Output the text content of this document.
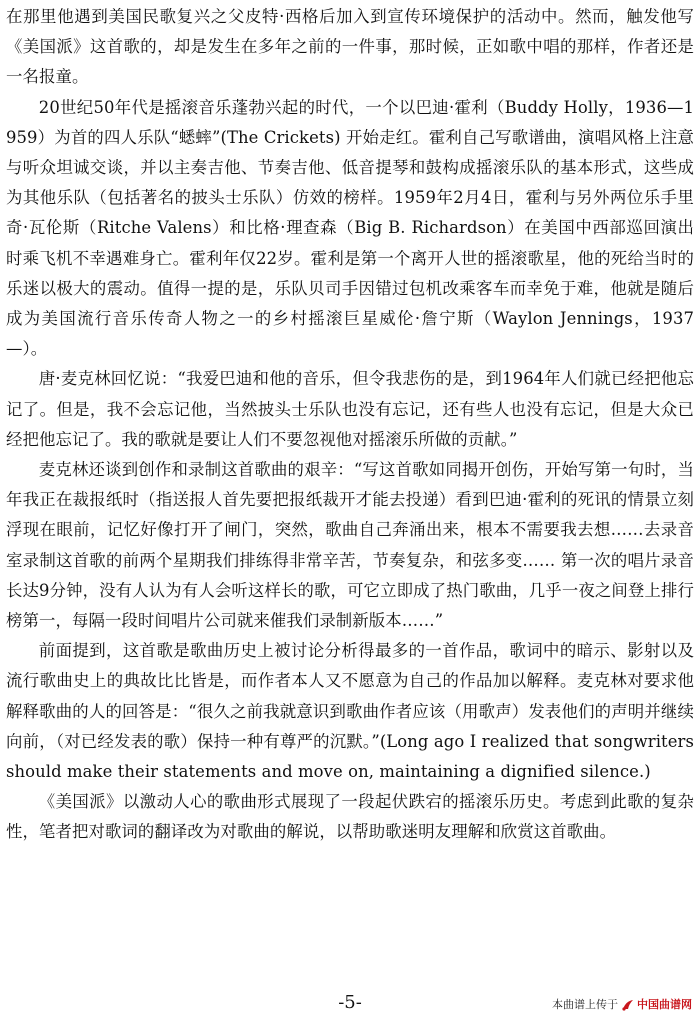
在那里他遇到美国民歌复兴之父皮特·西格后加入到宣传环境保护的活动中。然而，触发他写《美国派》这首歌的，却是发生在多年之前的一件事，那时候，正如歌中唱的那样，作者还是一名报童。

20世纪50年代是摇滚音乐蓬勃兴起的时代，一个以巴迪·霍利（Buddy Holly，1936—1959）为首的四人乐队“蟋蟀”(The Crickets) 开始走红。霍利自己写歌谱曲，演唱风格上注意与听众坦诚交谈，并以主奏吉他、节奏吉他、低音提琴和鼓构成摇滚乐队的基本形式，这些成为其他乐队（包括著名的披头士乐队）仿效的榜样。1959年2月4日，霍利与另外两位乐手里奇·瓦伦斯（Ritche Valens）和比格·理查森（Big B. Richardson）在美国中西部巡回演出时乘飞机不幸遇难身亡。霍利年仅22岁。霍利是第一个离开人世的摇滚歌星，他的死给当时的乐迷以极大的震动。值得一提的是，乐队贝司手因错过包机改乘客车而幸免于难，他就是随后成为美国流行音乐传奇人物之一的乡村摇滚巨星威伦·詹宁斯（Waylon Jennings，1937—）。

唐·麦克林回忆说：“我爱巴迪和他的音乐，但令我悲伤的是，到1964年人们就已经把他忘记了。但是，我不会忘记他，当然披头士乐队也没有忘记，还有些人也没有忘记，但是大众已经把他忘记了。我的歌就是要让人们不要忽视他对摇滚乐所做的贡献。”

麦克林还谈到创作和录制这首歌曲的艰辛：“写这首歌如同揭开创伤，开始写第一句时，当年我正在裁报纸时（指送报人首先要把报纸裁开才能去投递）看到巴迪·霍利的死讯的情景立刻浮现在眼前，记忆好像打开了闸门，突然，歌曲自己奔涌出来，根本不需要我去想……去录音室录制这首歌的前两个星期我们排练得非常辛苦，节奏复杂，和弦多变…… 第一次的唱片录音长达9分钟，没有人认为有人会听这样长的歌，可它立即成了热门歌曲，几乎一夜之间登上排行榜第一，每隔一段时间唱片公司就来催我们录制新版本……”

前面提到，这首歌是歌曲历史上被讨论分析得最多的一首作品，歌词中的暗示、影射以及流行歌曲史上的典故比比皆是，而作者本人又不愿意为自己的作品加以解释。麦克林对要求他解释歌曲的人的回答是：“很久之前我就意识到歌曲作者应该（用歌声）发表他们的声明并继续向前，（对已经发表的歌）保持一种有尊严的沉默。”(Long ago I realized that songwriters should make their statements and move on, maintaining a dignified silence.)

《美国派》以激动人心的歌曲形式展现了一段起伏跌宕的摇滚乐历史。考虑到此歌的复杂性，笔者把对歌词的翻译改为对歌曲的解说，以帮助歌迷明友理解和欣赏这首歌曲。

-5-	本曲谱上传于 中国曲谱网
